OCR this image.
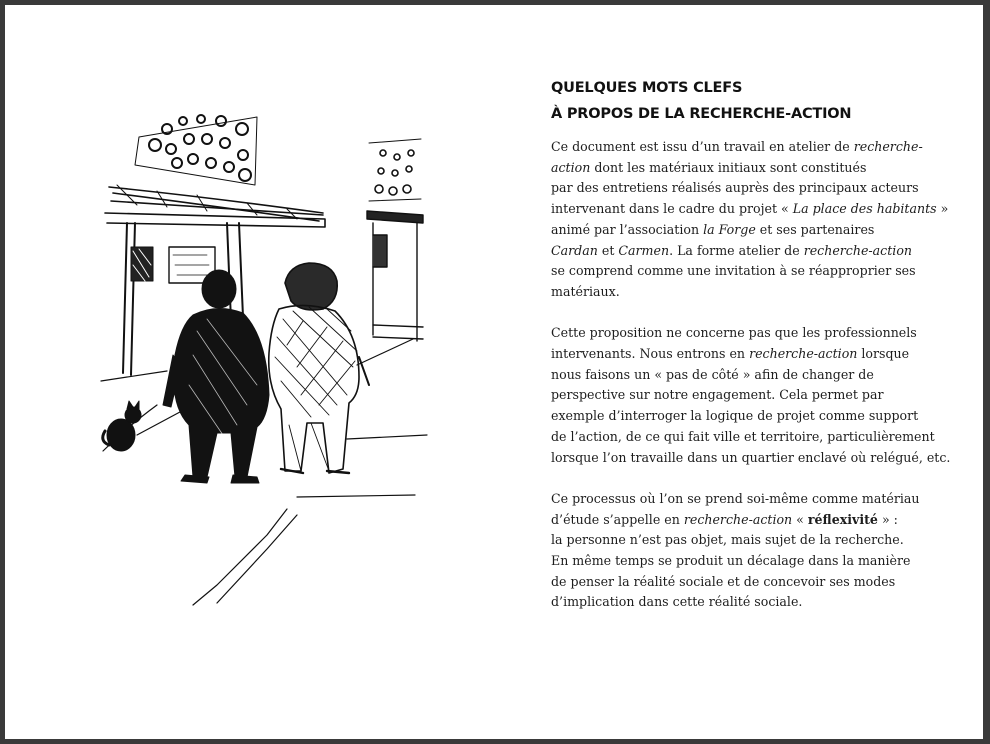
QUELQUES MOTS CLEFS
À PROPOS DE LA RECHERCHE-ACTION

Ce document est issu d’un travail en atelier de recherche-
action dont les matériaux initiaux sont constitués
par des entretiens réalisés auprès des principaux acteurs
intervenant dans le cadre du projet « La place des habitants »
animé par l’association la Forge et ses partenaires
Cardan et Carmen. La forme atelier de recherche-action
se comprend comme une invitation à se réapproprier ses
matériaux.

Cette proposition ne concerne pas que les professionnels
intervenants. Nous entrons en recherche-action lorsque
nous faisons un « pas de côté » afin de changer de
perspective sur notre engagement. Cela permet par
exemple d’interroger la logique de projet comme support
de l’action, de ce qui fait ville et territoire, particulièrement
lorsque l’on travaille dans un quartier enclavé où relégué, etc.

Ce processus où l’on se prend soi-même comme matériau
d’étude s’appelle en recherche-action « réflexivité » :
la personne n’est pas objet, mais sujet de la recherche.
En même temps se produit un décalage dans la manière
de penser la réalité sociale et de concevoir ses modes
d’implication dans cette réalité sociale.
